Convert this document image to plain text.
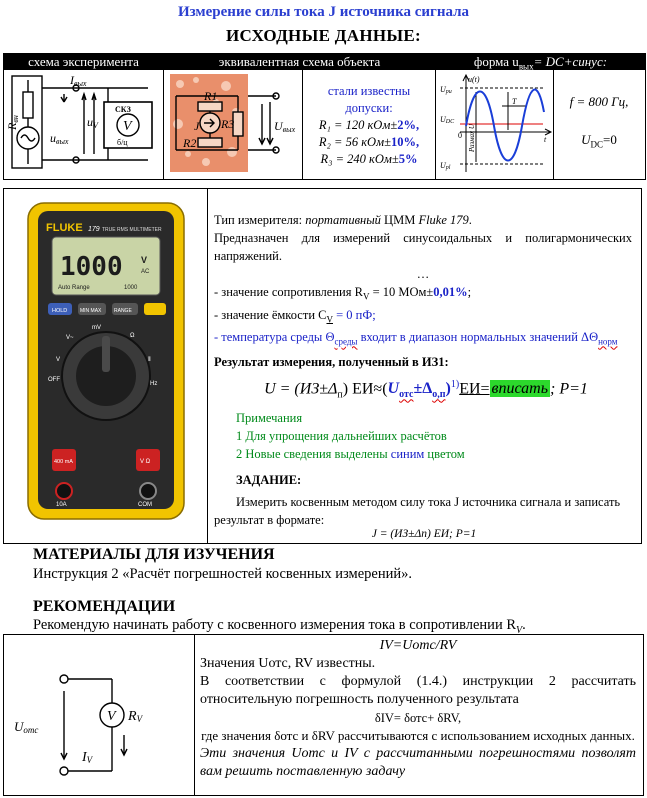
Измерение силы тока J источника сигнала
ИСХОДНЫЕ ДАННЫЕ:
схема эксперимента	эквивалентная схема объекта	форма $u_{вых}=$ DC+синус:
Rвн
Iвых
uV
uвых
СКЗ
V
б/ц
R1
R2
R3
J	Uвых
стали известны
допуски:
R₁ = 120 кОм±2%,
R₂ = 56 кОм±10%,
R₃ = 240 кОм±5%
u(t)
Upu
Upl
UDC
0	t
T
Размах U
f = 800 Гц,
$U_{DC}=0$
FLUKE 179 TRUE RMS MULTIMETER
1000 V
AC
Auto Range	1000
HOLD	MIN MAX	RANGE
OFF
V~
mV
Ω
⦀
Hz
V
400 mA	V Ω
10A	COM
Тип измерителя: портативный ЦММ Fluke 179.
Предназначен для измерений синусоидальных и полигармонических напряжений.
…
- значение сопротивления $R_V = 10$ МОм±0,01%;
- значение ёмкости $C_V = 0$ пФ;
- температура среды $\Theta_{среды}$ входит в диапазон нормальных значений $\Delta\Theta_{норм}$
Результат измерения, полученный в ИЗ1:
$U = (ИЗ\pm\Delta_п)$ $ЕИ\approx(U_{отс}\pm\Delta_{о,п})^{1)}ЕИ=$ вписать ; P=1
Примечания
1 Для упрощения дальнейших расчётов
2 Новые сведения выделены синим цветом
ЗАДАНИЕ:
Измерить косвенным методом силу тока J источника сигнала и записать результат в формате:
J = (ИЗ±Δп) ЕИ; P=1
МАТЕРИАЛЫ ДЛЯ ИЗУЧЕНИЯ
Инструкция 2 «Расчёт погрешностей косвенных измерений».
РЕКОМЕНДАЦИИ
Рекомендую начинать работу с косвенного измерения тока в сопротивлении $R_V$.
Uотс
V RV
IV
IV=Uотс/RV
Значения Uотс, RV известны.
В соответствии с формулой (1.4.) инструкции 2 рассчитать относительную погрешность полученного результата
δIV= δотс+ δRV,
где значения δотс и δRV рассчитываются с использованием исходных данных.
Эти значения Uотс и IV с рассчитанными погрешностями позволят вам решить поставленную задачу
